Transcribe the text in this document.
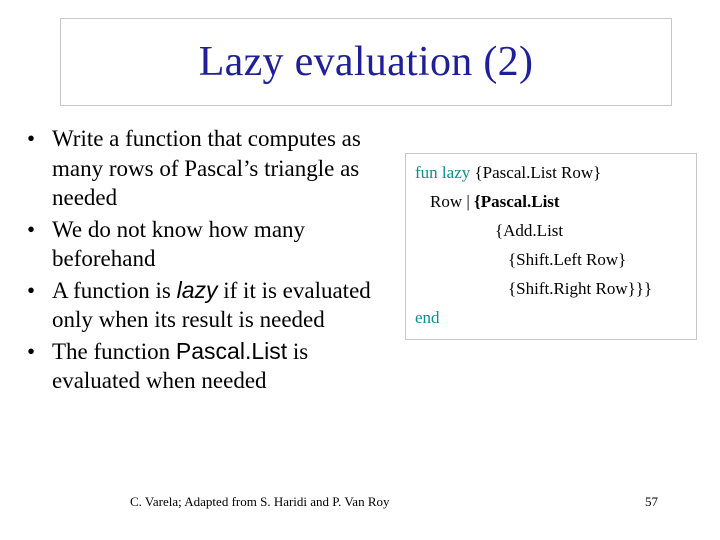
Lazy evaluation (2)
• Write a function that computes as
many rows of Pascal’s triangle as
needed
• We do not know how many
beforehand
• A function is lazy if it is evaluated
only when its result is needed
• The function Pascal.List is
evaluated when needed
fun lazy {Pascal.List Row}
Row | {Pascal.List
{Add.List
{Shift.Left Row}
{Shift.Right Row}}}
end
C. Varela; Adapted from S. Haridi and P. Van Roy	57
